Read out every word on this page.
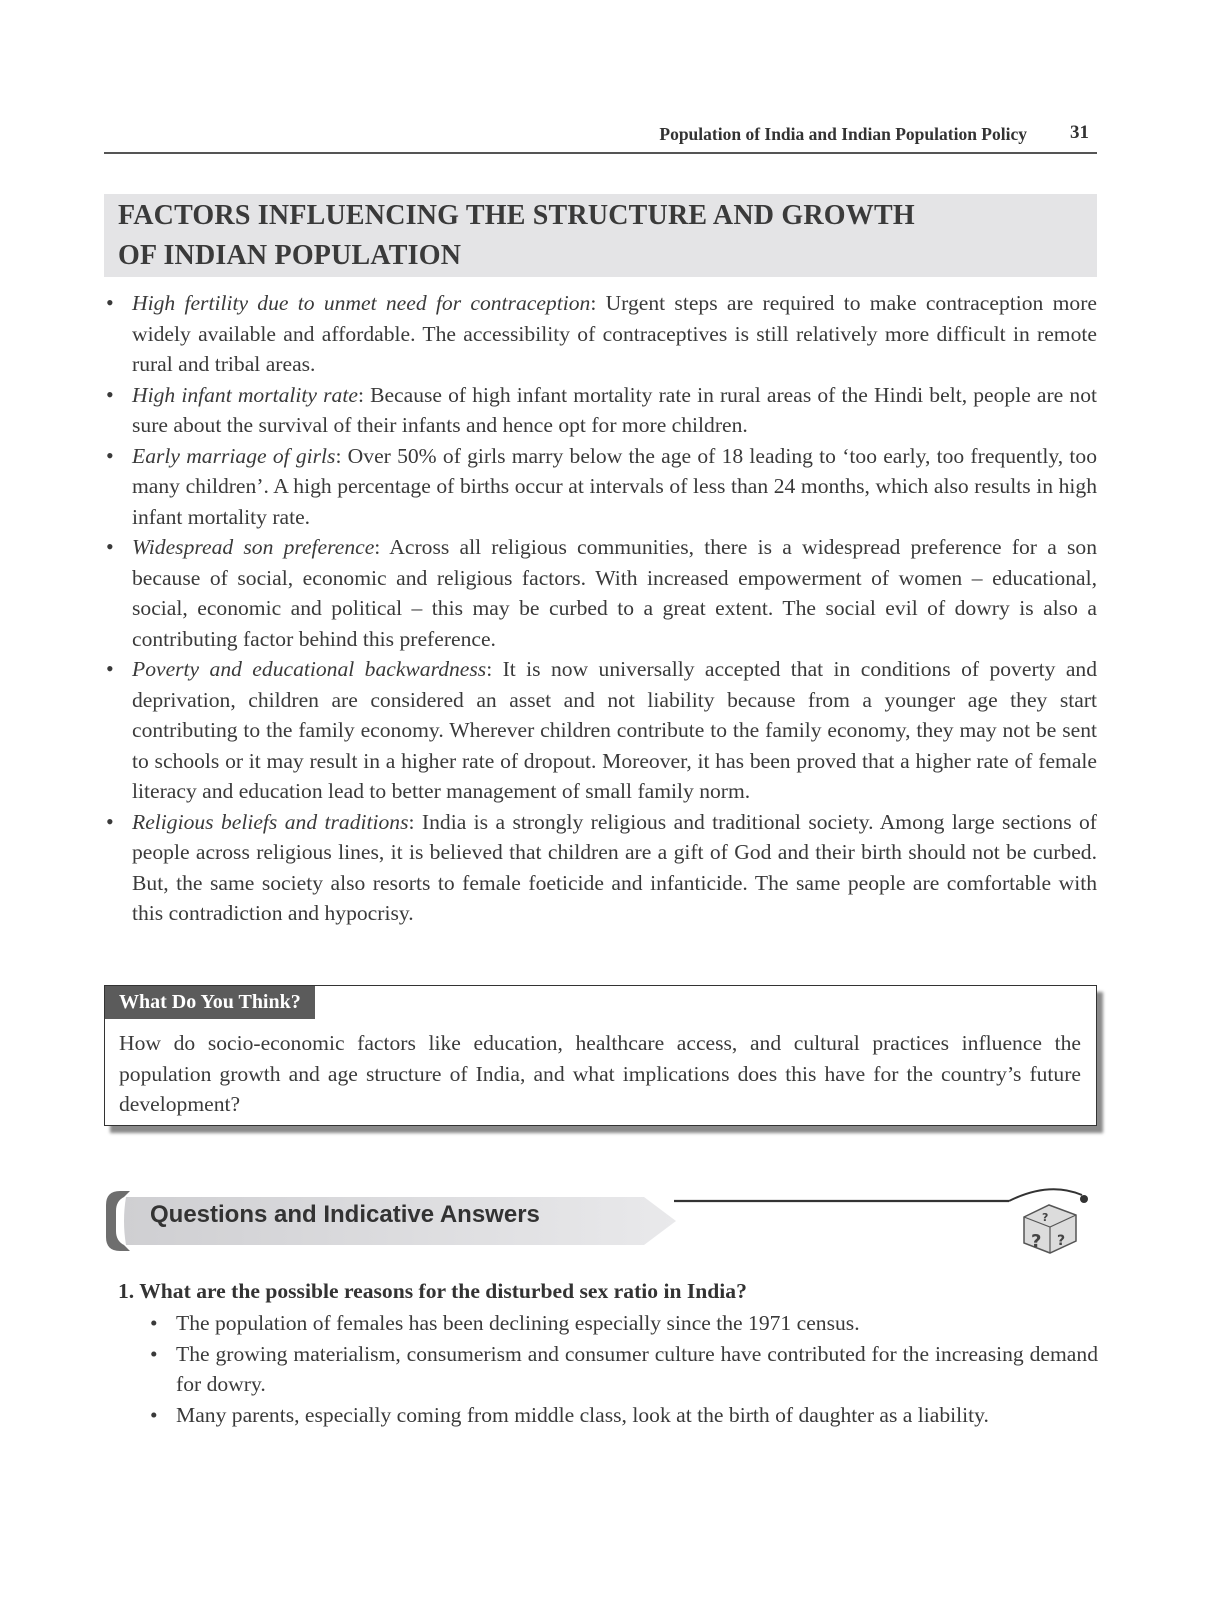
Population of India and Indian Population Policy 31
FACTORS INFLUENCING THE STRUCTURE AND GROWTH
OF INDIAN POPULATION
• High fertility due to unmet need for contraception: Urgent steps are required to make contraception more widely available and affordable. The accessibility of contraceptives is still relatively more difficult in remote rural and tribal areas.
• High infant mortality rate: Because of high infant mortality rate in rural areas of the Hindi belt, people are not sure about the survival of their infants and hence opt for more children.
• Early marriage of girls: Over 50% of girls marry below the age of 18 leading to ‘too early, too frequently, too many children’. A high percentage of births occur at intervals of less than 24 months, which also results in high infant mortality rate.
• Widespread son preference: Across all religious communities, there is a widespread preference for a son because of social, economic and religious factors. With increased empowerment of women – educational, social, economic and political – this may be curbed to a great extent. The social evil of dowry is also a contributing factor behind this preference.
• Poverty and educational backwardness: It is now universally accepted that in conditions of poverty and deprivation, children are considered an asset and not liability because from a younger age they start contributing to the family economy. Wherever children contribute to the family economy, they may not be sent to schools or it may result in a higher rate of dropout. Moreover, it has been proved that a higher rate of female literacy and education lead to better management of small family norm.
• Religious beliefs and traditions: India is a strongly religious and traditional society. Among large sections of people across religious lines, it is believed that children are a gift of God and their birth should not be curbed. But, the same society also resorts to female foeticide and infanticide. The same people are comfortable with this contradiction and hypocrisy.
What Do You Think?
How do socio-economic factors like education, healthcare access, and cultural practices influence the population growth and age structure of India, and what implications does this have for the country’s future development?
? ?
?
Questions and Indicative Answers
1. What are the possible reasons for the disturbed sex ratio in India?
• The population of females has been declining especially since the 1971 census.
• The growing materialism, consumerism and consumer culture have contributed for the increasing demand for dowry.
• Many parents, especially coming from middle class, look at the birth of daughter as a liability.
